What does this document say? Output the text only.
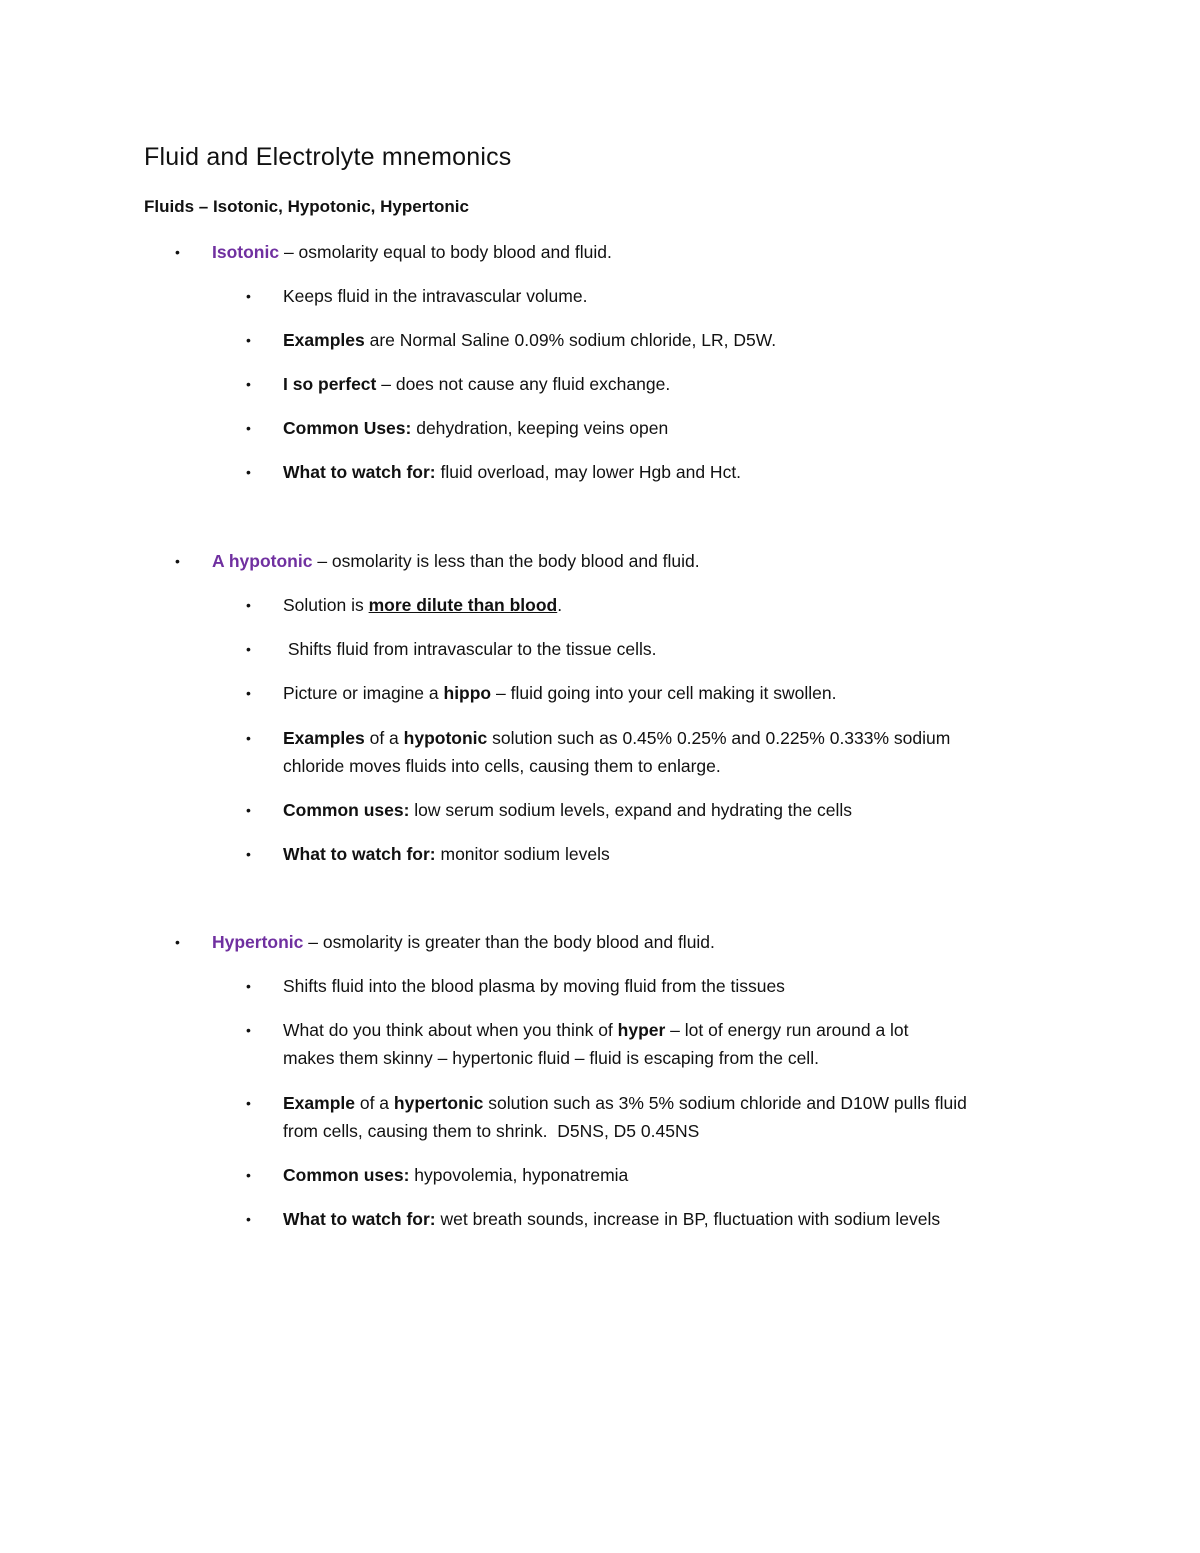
Fluid and Electrolyte mnemonics
Fluids – Isotonic, Hypotonic, Hypertonic
• Isotonic – osmolarity equal to body blood and fluid.
• Keeps fluid in the intravascular volume.
• Examples are Normal Saline 0.09% sodium chloride, LR, D5W.
• I so perfect – does not cause any fluid exchange.
• Common Uses: dehydration, keeping veins open
• What to watch for: fluid overload, may lower Hgb and Hct.
• A hypotonic – osmolarity is less than the body blood and fluid.
• Solution is more dilute than blood.
• Shifts fluid from intravascular to the tissue cells.
• Picture or imagine a hippo – fluid going into your cell making it swollen.
• Examples of a hypotonic solution such as 0.45% 0.25% and 0.225% 0.333% sodium
chloride moves fluids into cells, causing them to enlarge.
• Common uses: low serum sodium levels, expand and hydrating the cells
• What to watch for: monitor sodium levels
• Hypertonic – osmolarity is greater than the body blood and fluid.
• Shifts fluid into the blood plasma by moving fluid from the tissues
• What do you think about when you think of hyper – lot of energy run around a lot
makes them skinny – hypertonic fluid – fluid is escaping from the cell.
• Example of a hypertonic solution such as 3% 5% sodium chloride and D10W pulls fluid
from cells, causing them to shrink.  D5NS, D5 0.45NS
• Common uses: hypovolemia, hyponatremia
• What to watch for: wet breath sounds, increase in BP, fluctuation with sodium levels
